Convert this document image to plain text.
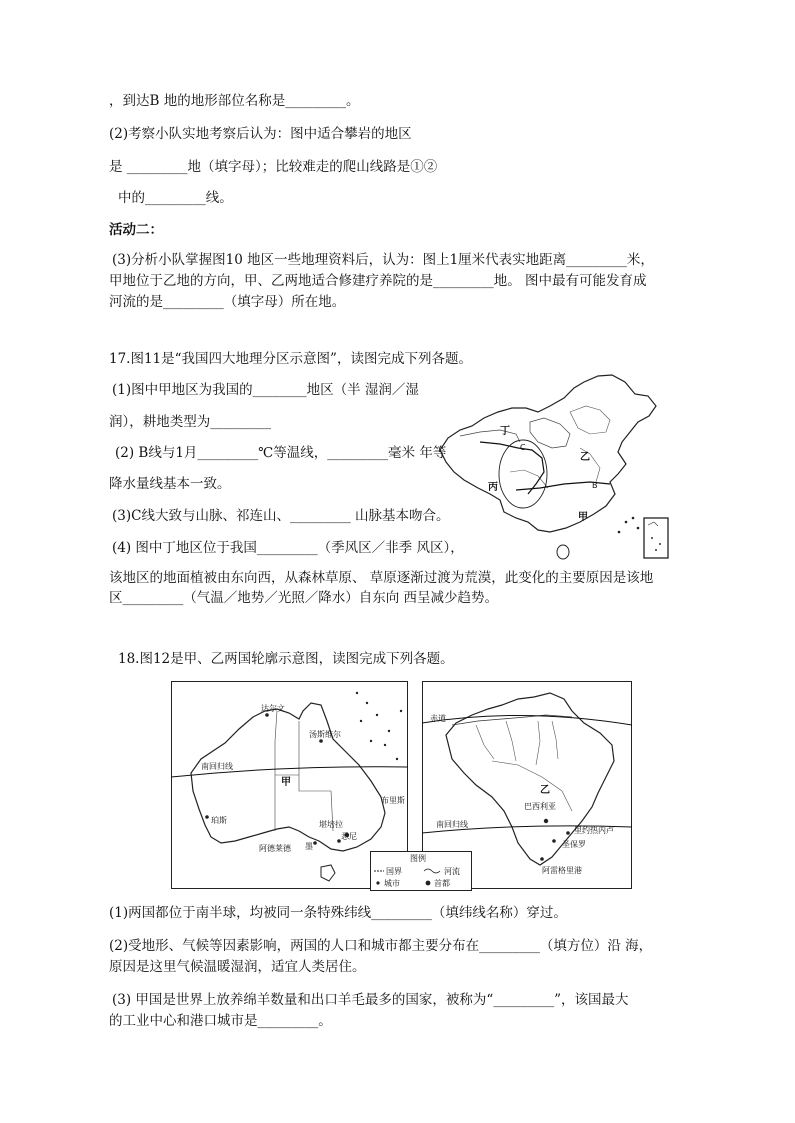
，到达B 地的地形部位名称是_________。
(2)考察小队实地考察后认为：图中适合攀岩的地区
是 _________地（填字母）；比较难走的爬山线路是①②
中的_________线。
活动二：
(3)分析小队掌握图10 地区一些地理资料后，认为：图上1厘米代表实地距离_________米，
甲地位于乙地的方向，甲、乙两地适合修建疗养院的是_________地。 图中最有可能发育成
河流的是_________（填字母）所在地。
17.图11是“我国四大地理分区示意图”，读图完成下列各题。
丁
C
乙
丙	B
甲
(1)图中甲地区为我国的________地区（半 湿润／湿
润），耕地类型为_________
(2) B线与1月_________℃等温线，_________毫米 年等
降水量线基本一致。
(3)C线大致与山脉、祁连山、_________ 山脉基本吻合。
(4) 图中丁地区位于我国_________（季风区／非季 风区），
该地区的地面植被由东向西，从森林草原、 草原逐渐过渡为荒漠，此变化的主要原因是该地
区_________（气温／地势／光照／降水）自东向 西呈减少趋势。
18.图12是甲、乙两国轮廓示意图，读图完成下列各题。
达尔文
汤斯维尔
南回归线
甲
珀斯
阿德莱德
布里斯
堪培拉
悉尼
墨
赤道
乙
巴西利亚
南回归线
里约热内卢
圣保罗
阿雷格里港
图例
国界	河流
城市	首都
(1)两国都位于南半球，均被同一条特殊纬线_________（填纬线名称）穿过。
(2)受地形、气候等因素影响，两国的人口和城市都主要分布在_________（填方位）沿 海，
原因是这里气候温暖湿润，适宜人类居住。
(3) 甲国是世界上放养绵羊数量和出口羊毛最多的国家，被称为“_________”，该国最大
的工业中心和港口城市是_________。
